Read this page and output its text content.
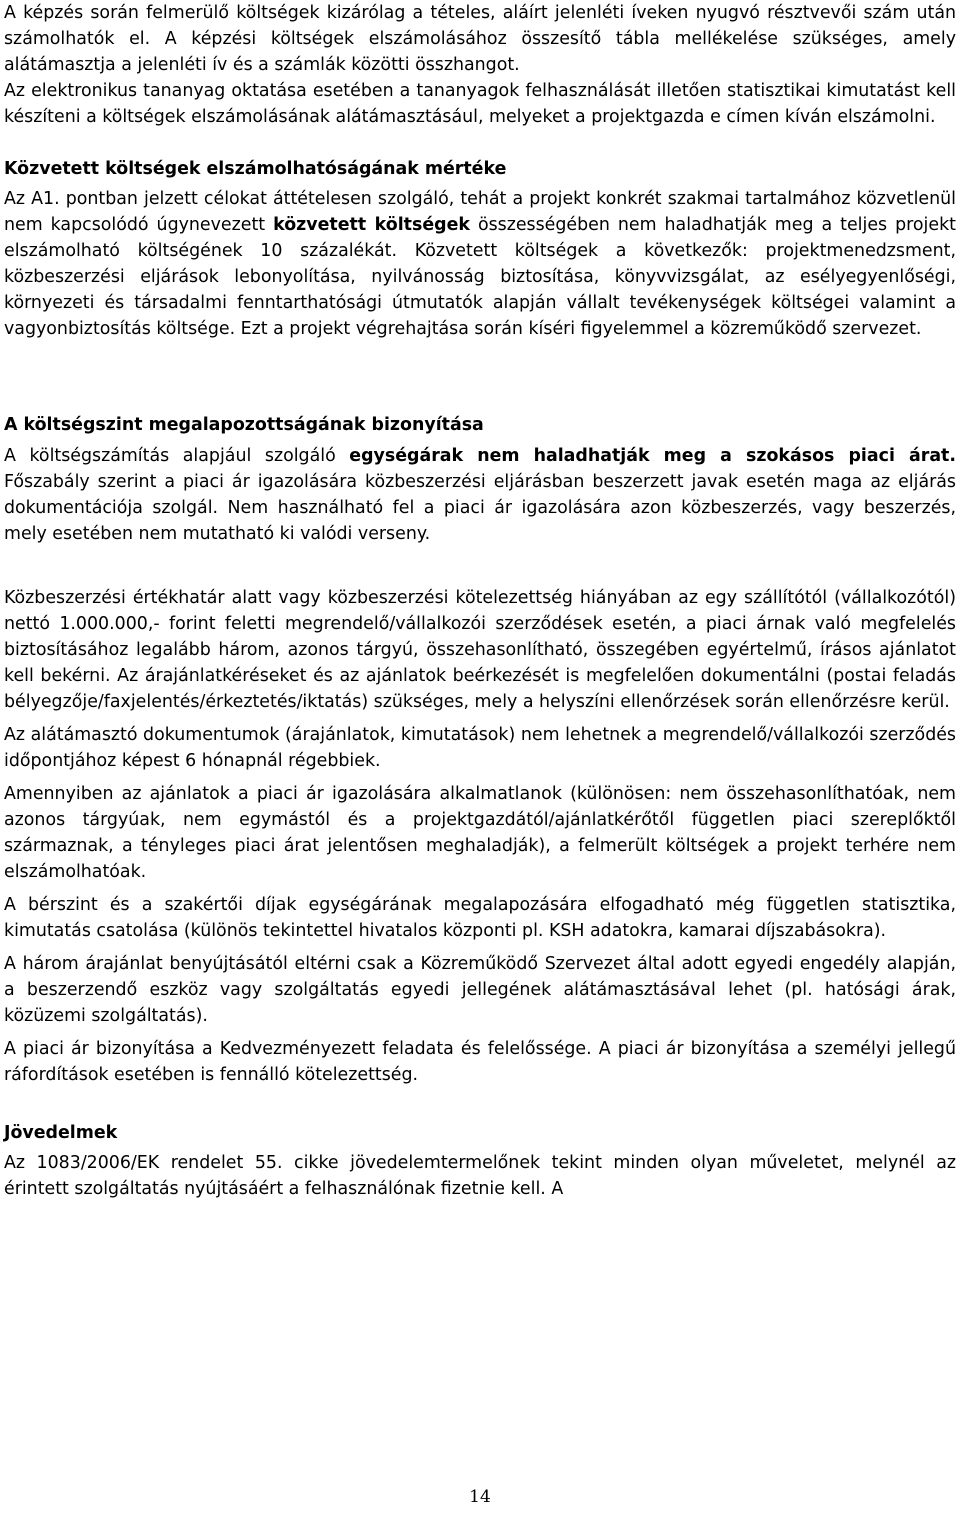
A képzés során felmerülő költségek kizárólag a tételes, aláírt jelenléti íveken nyugvó résztvevői szám után számolhatók el. A képzési költségek elszámolásához összesítő tábla mellékelése szükséges, amely alátámasztja a jelenléti ív és a számlák közötti összhangot.

Az elektronikus tananyag oktatása esetében a tananyagok felhasználását illetően statisztikai kimutatást kell készíteni a költségek elszámolásának alátámasztásául, melyeket a projektgazda e címen kíván elszámolni.

Közvetett költségek elszámolhatóságának mértéke

Az A1. pontban jelzett célokat áttételesen szolgáló, tehát a projekt konkrét szakmai tartalmához közvetlenül nem kapcsolódó úgynevezett közvetett költségek összességében nem haladhatják meg a teljes projekt elszámolható költségének 10 százalékát. Közvetett költségek a következők: projektmenedzsment, közbeszerzési eljárások lebonyolítása, nyilvánosság biztosítása, könyvvizsgálat, az esélyegyenlőségi, környezeti és társadalmi fenntarthatósági útmutatók alapján vállalt tevékenységek költségei valamint a vagyonbiztosítás költsége. Ezt a projekt végrehajtása során kíséri figyelemmel a közreműködő szervezet.

A költségszint megalapozottságának bizonyítása

A költségszámítás alapjául szolgáló egységárak nem haladhatják meg a szokásos piaci árat. Főszabály szerint a piaci ár igazolására közbeszerzési eljárásban beszerzett javak esetén maga az eljárás dokumentációja szolgál. Nem használható fel a piaci ár igazolására azon közbeszerzés, vagy beszerzés, mely esetében nem mutatható ki valódi verseny.

Közbeszerzési értékhatár alatt vagy közbeszerzési kötelezettség hiányában az egy szállítótól (vállalkozótól) nettó 1.000.000,- forint feletti megrendelő/vállalkozói szerződések esetén, a piaci árnak való megfelelés biztosításához legalább három, azonos tárgyú, összehasonlítható, összegében egyértelmű, írásos ajánlatot kell bekérni. Az árajánlatkéréseket és az ajánlatok beérkezését is megfelelően dokumentálni (postai feladás bélyegzője/faxjelentés/érkeztetés/iktatás) szükséges, mely a helyszíni ellenőrzések során ellenőrzésre kerül.

Az alátámasztó dokumentumok (árajánlatok, kimutatások) nem lehetnek a megrendelő/vállalkozói szerződés időpontjához képest 6 hónapnál régebbiek.

Amennyiben az ajánlatok a piaci ár igazolására alkalmatlanok (különösen: nem összehasonlíthatóak, nem azonos tárgyúak, nem egymástól és a projektgazdától/ajánlatkérőtől független piaci szereplőktől származnak, a tényleges piaci árat jelentősen meghaladják), a felmerült költségek a projekt terhére nem elszámolhatóak.

A bérszint és a szakértői díjak egységárának megalapozására elfogadható még független statisztika, kimutatás csatolása (különös tekintettel hivatalos központi pl. KSH adatokra, kamarai díjszabásokra).

A három árajánlat benyújtásától eltérni csak a Közreműködő Szervezet által adott egyedi engedély alapján, a beszerzendő eszköz vagy szolgáltatás egyedi jellegének alátámasztásával lehet (pl. hatósági árak, közüzemi szolgáltatás).

A piaci ár bizonyítása a Kedvezményezett feladata és felelőssége. A piaci ár bizonyítása a személyi jellegű ráfordítások esetében is fennálló kötelezettség.

Jövedelmek

Az 1083/2006/EK rendelet 55. cikke jövedelemtermelőnek tekint minden olyan műveletet, melynél az érintett szolgáltatás nyújtásáért a felhasználónak fizetnie kell. A

14
